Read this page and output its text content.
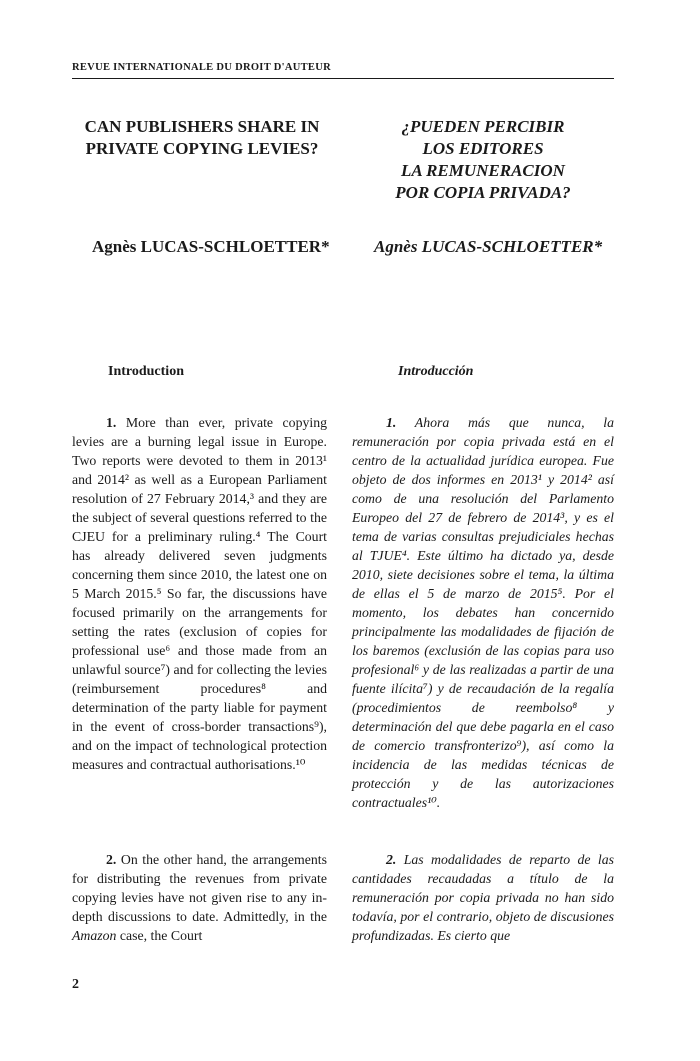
REVUE INTERNATIONALE DU DROIT D'AUTEUR
CAN PUBLISHERS SHARE IN
PRIVATE COPYING LEVIES?
¿PUEDEN PERCIBIR
LOS EDITORES
LA REMUNERACION
POR COPIA PRIVADA?
Agnès LUCAS-SCHLOETTER*	Agnès LUCAS-SCHLOETTER*
Introduction	Introducción
1. More than ever, private copying levies are a burning legal issue in Europe. Two reports were devoted to them in 2013¹ and 2014² as well as a European Parliament resolution of 27 February 2014,³ and they are the subject of several questions referred to the CJEU for a preliminary ruling.⁴ The Court has already delivered seven judgments concerning them since 2010, the latest one on 5 March 2015.⁵ So far, the discussions have focused primarily on the arrangements for setting the rates (exclusion of copies for professional use⁶ and those made from an unlawful source⁷) and for collecting the levies (reimbursement procedures⁸ and determination of the party liable for payment in the event of cross-border transactions⁹), and on the impact of technological protection measures and contractual authorisations.¹⁰
1. Ahora más que nunca, la remuneración por copia privada está en el centro de la actualidad jurídica europea. Fue objeto de dos informes en 2013¹ y 2014² así como de una resolución del Parlamento Europeo del 27 de febrero de 2014³, y es el tema de varias consultas prejudiciales hechas al TJUE⁴. Este último ha dictado ya, desde 2010, siete decisiones sobre el tema, la última de ellas el 5 de marzo de 2015⁵. Por el momento, los debates han concernido principalmente las modalidades de fijación de los baremos (exclusión de las copias para uso profesional⁶ y de las realizadas a partir de una fuente ilícita⁷) y de recaudación de la regalía (procedimientos de reembolso⁸ y determinación del que debe pagarla en el caso de comercio transfronterizo⁹), así como la incidencia de las medidas técnicas de protección y de las autorizaciones contractuales¹⁰.
2. On the other hand, the arrangements for distributing the revenues from private copying levies have not given rise to any in-depth discussions to date. Admittedly, in the Amazon case, the Court
2. Las modalidades de reparto de las cantidades recaudadas a título de la remuneración por copia privada no han sido todavía, por el contrario, objeto de discusiones profundizadas. Es cierto que
2
